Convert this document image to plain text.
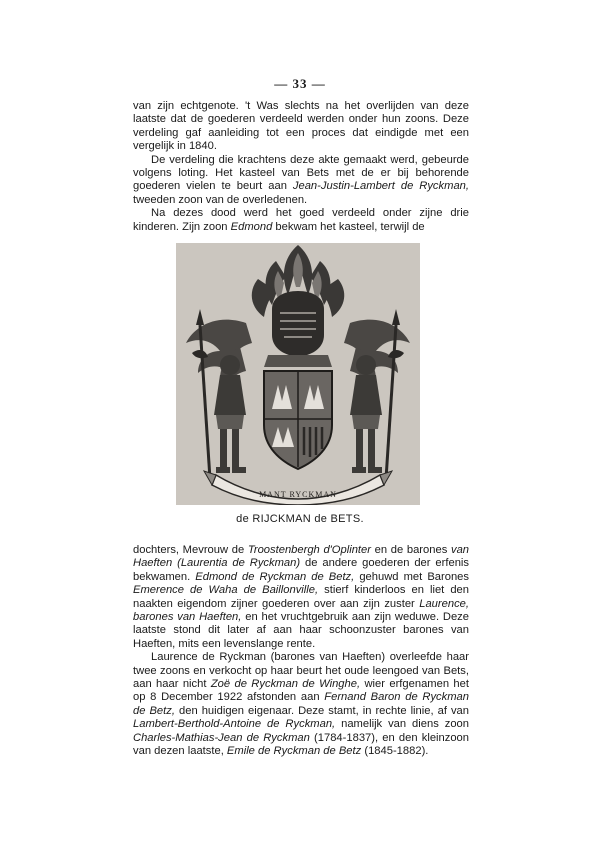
— 33 —

van zijn echtgenote. 't Was slechts na het overlijden van deze laatste dat de goederen verdeeld werden onder hun zoons. Deze verdeling gaf aanleiding tot een proces dat eindigde met een vergelijk in 1840.

De verdeling die krachtens deze akte gemaakt werd, gebeurde volgens loting. Het kasteel van Bets met de er bij behorende goederen vielen te beurt aan Jean-Justin-Lambert de Ryckman, tweeden zoon van de overledenen.

Na dezes dood werd het goed verdeeld onder zijne drie kinderen. Zijn zoon Edmond bekwam het kasteel, terwijl de

MANT RYCKMAN
de RIJCKMAN de BETS.

dochters, Mevrouw de Troostenbergh d'Oplinter en de barones van Haeften (Laurentia de Ryckman) de andere goederen der erfenis bekwamen. Edmond de Ryckman de Betz, gehuwd met Barones Emerence de Waha de Baillonville, stierf kinderloos en liet den naakten eigendom zijner goederen over aan zijn zuster Laurence, barones van Haeften, en het vruchtgebruik aan zijn weduwe. Deze laatste stond dit later af aan haar schoonzuster barones van Haeften, mits een levenslange rente.

Laurence de Ryckman (barones van Haeften) overleefde haar twee zoons en verkocht op haar beurt het oude leengoed van Bets, aan haar nicht Zoë de Ryckman de Winghe, wier erfgenamen het op 8 December 1922 afstonden aan Fernand Baron de Ryckman de Betz, den huidigen eigenaar. Deze stamt, in rechte linie, af van Lambert-Berthold-Antoine de Ryckman, namelijk van diens zoon Charles-Mathias-Jean de Ryckman (1784-1837), en den kleinzoon van dezen laatste, Emile de Ryckman de Betz (1845-1882).
